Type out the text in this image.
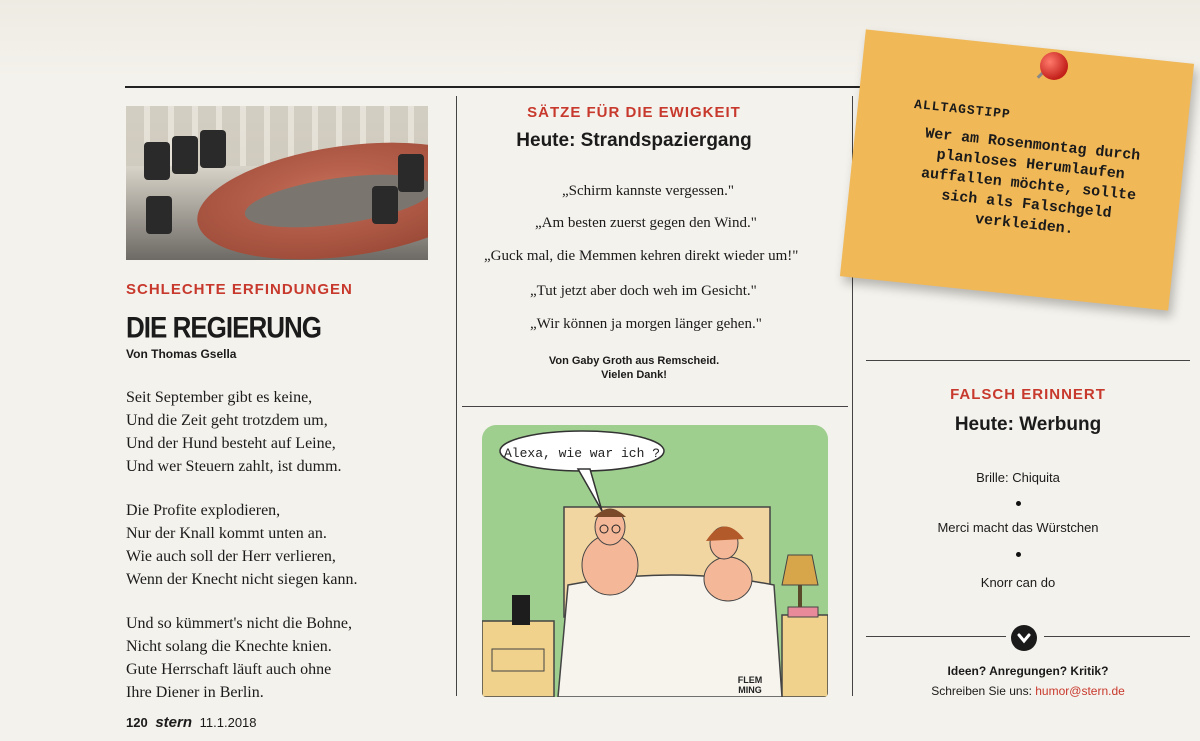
SCHLECHTE ERFINDUNGEN
DIE REGIERUNG
Von Thomas Gsella
Seit September gibt es keine,
Und die Zeit geht trotzdem um,
Und der Hund besteht auf Leine,
Und wer Steuern zahlt, ist dumm.
Die Profite explodieren,
Nur der Knall kommt unten an.
Wie auch soll der Herr verlieren,
Wenn der Knecht nicht siegen kann.
Und so kümmert's nicht die Bohne,
Nicht solang die Knechte knien.
Gute Herrschaft läuft auch ohne
Ihre Diener in Berlin.
120 stern 11.1.2018
SÄTZE FÜR DIE EWIGKEIT
Heute: Strandspaziergang
„Schirm kannste vergessen."
„Am besten zuerst gegen den Wind."
„Guck mal, die Memmen kehren direkt wieder um!"
„Tut jetzt aber doch weh im Gesicht."
„Wir können ja morgen länger gehen."
Von Gaby Groth aus Remscheid.
Vielen Dank!
Alexa, wie war ich ?
FLEM
MING
ALLTAGSTIPP
Wer am Rosenmontag durch planloses Herumlaufen auffallen möchte, sollte sich als Falschgeld verkleiden.
FALSCH ERINNERT
Heute: Werbung
Brille: Chiquita
Merci macht das Würstchen
Knorr can do
Ideen? Anregungen? Kritik?
Schreiben Sie uns: humor@stern.de
